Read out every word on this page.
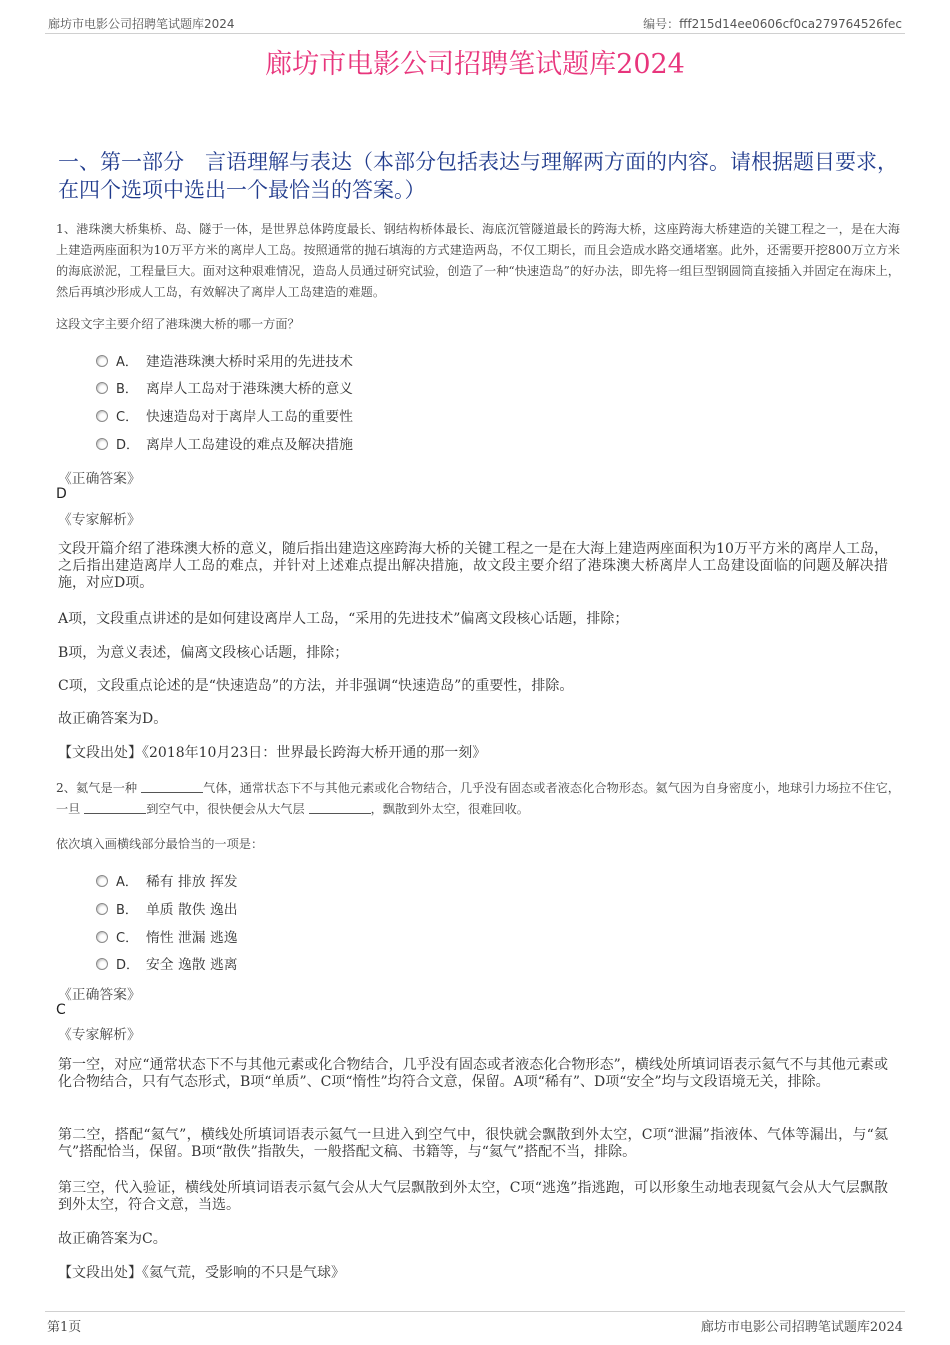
廊坊市电影公司招聘笔试题库2024	编号：fff215d14ee0606cf0ca279764526fec
廊坊市电影公司招聘笔试题库2024
一、第一部分　言语理解与表达（本部分包括表达与理解两方面的内容。请根据题目要求，在四个选项中选出一个最恰当的答案。）
1、港珠澳大桥集桥、岛、隧于一体，是世界总体跨度最长、钢结构桥体最长、海底沉管隧道最长的跨海大桥，这座跨海大桥建造的关键工程之一，是在大海上建造两座面积为10万平方米的离岸人工岛。按照通常的抛石填海的方式建造两岛，不仅工期长，而且会造成水路交通堵塞。此外，还需要开挖800万立方米的海底淤泥，工程量巨大。面对这种艰难情况，造岛人员通过研究试验，创造了一种“快速造岛”的好办法，即先将一组巨型钢圆筒直接插入并固定在海床上，然后再填沙形成人工岛，有效解决了离岸人工岛建造的难题。
这段文字主要介绍了港珠澳大桥的哪一方面？
A． 建造港珠澳大桥时采用的先进技术
B． 离岸人工岛对于港珠澳大桥的意义
C． 快速造岛对于离岸人工岛的重要性
D． 离岸人工岛建设的难点及解决措施
《正确答案》
D
《专家解析》
文段开篇介绍了港珠澳大桥的意义，随后指出建造这座跨海大桥的关键工程之一是在大海上建造两座面积为10万平方米的离岸人工岛，之后指出建造离岸人工岛的难点，并针对上述难点提出解决措施，故文段主要介绍了港珠澳大桥离岸人工岛建设面临的问题及解决措施，对应D项。
A项，文段重点讲述的是如何建设离岸人工岛，“采用的先进技术”偏离文段核心话题，排除；
B项，为意义表述，偏离文段核心话题，排除；
C项，文段重点论述的是“快速造岛”的方法，并非强调“快速造岛”的重要性，排除。
故正确答案为D。
【文段出处】《2018年10月23日：世界最长跨海大桥开通的那一刻》
2、氦气是一种	气体，通常状态下不与其他元素或化合物结合，几乎没有固态或者液态化合物形态。氦气因为自身密度小，地球引力场拉不住它，一旦	到空气中，很快便会从大气层	，飘散到外太空，很难回收。
依次填入画横线部分最恰当的一项是：
A． 稀有 排放 挥发
B． 单质 散佚 逸出
C． 惰性 泄漏 逃逸
D． 安全 逸散 逃离
《正确答案》
C
《专家解析》
第一空，对应“通常状态下不与其他元素或化合物结合，几乎没有固态或者液态化合物形态”，横线处所填词语表示氦气不与其他元素或化合物结合，只有气态形式，B项“单质”、C项“惰性”均符合文意，保留。A项“稀有”、D项“安全”均与文段语境无关，排除。
第二空，搭配“氦气”，横线处所填词语表示氦气一旦进入到空气中，很快就会飘散到外太空，C项“泄漏”指液体、气体等漏出，与“氦气”搭配恰当，保留。B项“散佚”指散失，一般搭配文稿、书籍等，与“氦气”搭配不当，排除。
第三空，代入验证，横线处所填词语表示氦气会从大气层飘散到外太空，C项“逃逸”指逃跑，可以形象生动地表现氦气会从大气层飘散到外太空，符合文意，当选。
故正确答案为C。
【文段出处】《氦气荒，受影响的不只是气球》
第1页	廊坊市电影公司招聘笔试题库2024
